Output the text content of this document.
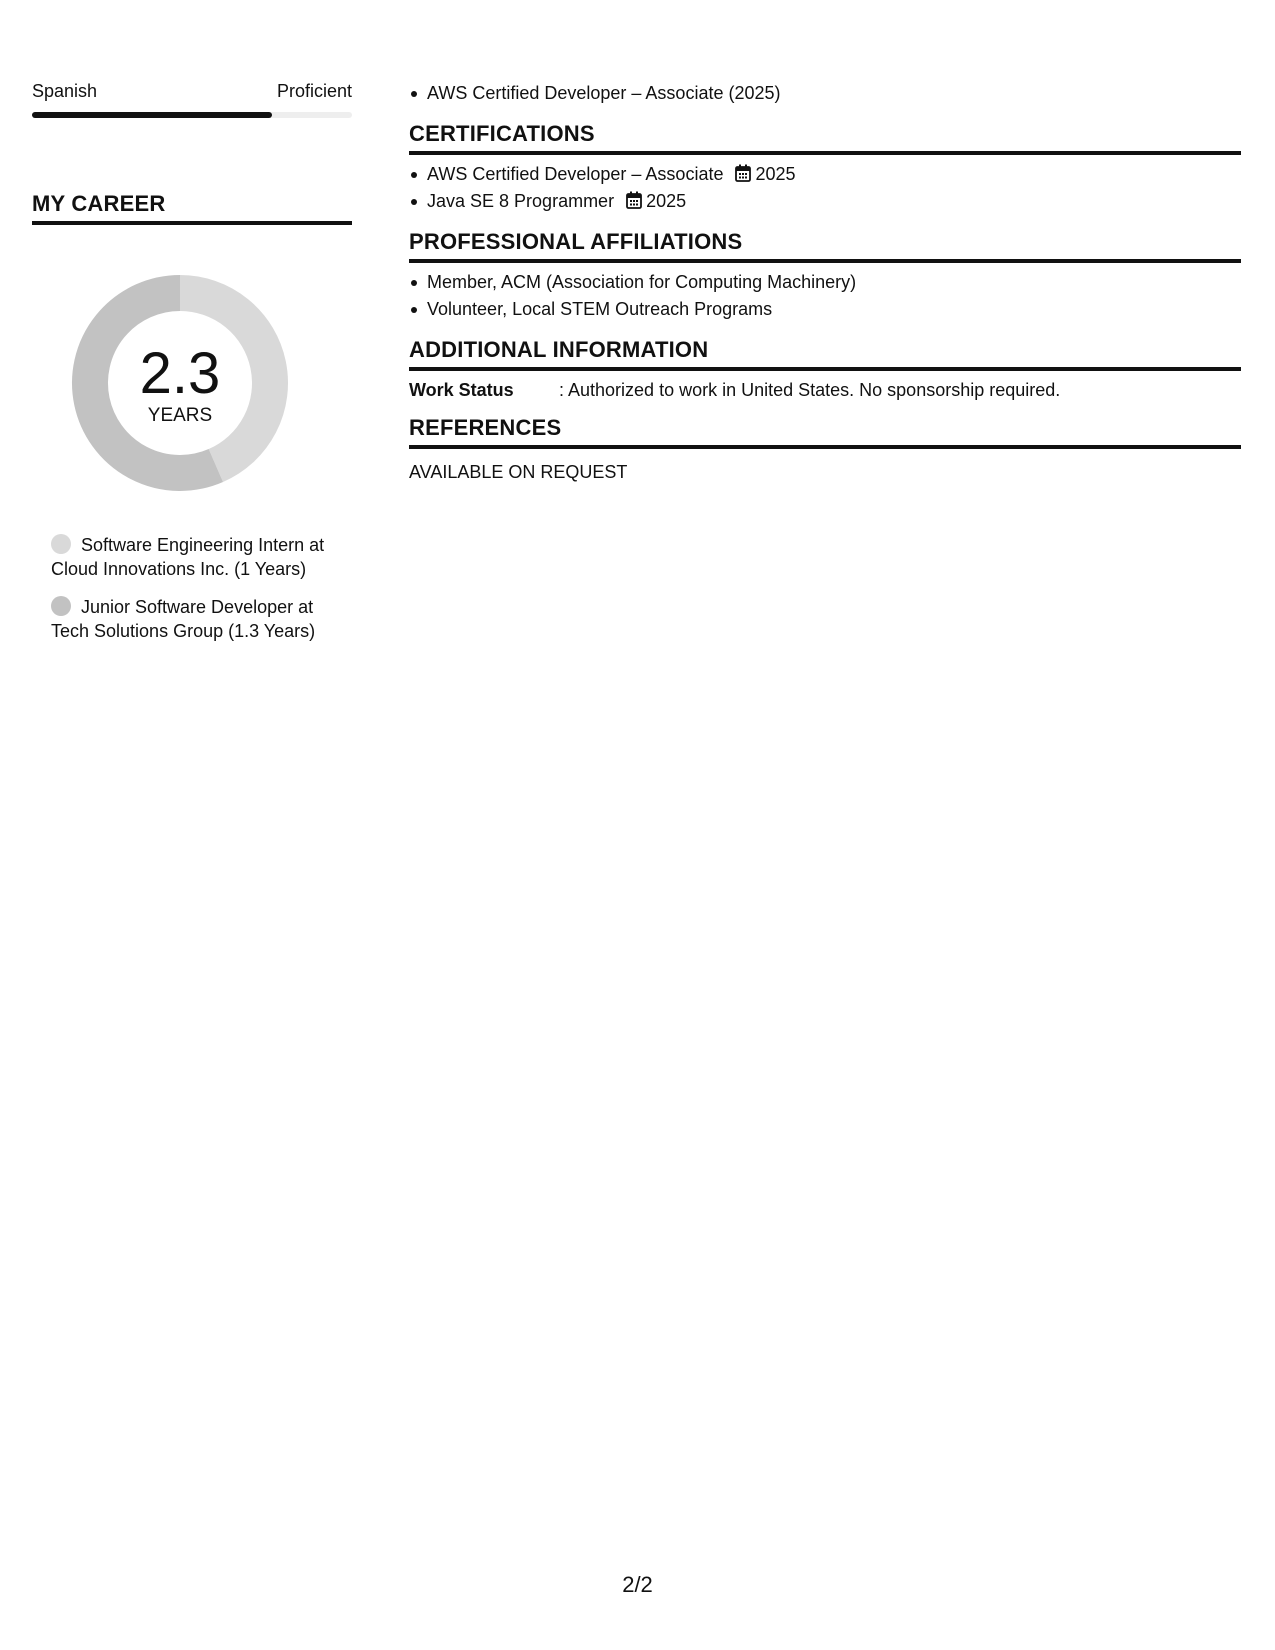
Spanish	Proficient
MY CAREER
2.3
YEARS
Software Engineering Intern at Cloud Innovations Inc. (1 Years)
Junior Software Developer at Tech Solutions Group (1.3 Years)
AWS Certified Developer – Associate (2025)
CERTIFICATIONS
AWS Certified Developer – Associate 2025
Java SE 8 Programmer 2025
PROFESSIONAL AFFILIATIONS
Member, ACM (Association for Computing Machinery)
Volunteer, Local STEM Outreach Programs
ADDITIONAL INFORMATION
Work Status	: Authorized to work in United States. No sponsorship required.
REFERENCES
AVAILABLE ON REQUEST
2/2
